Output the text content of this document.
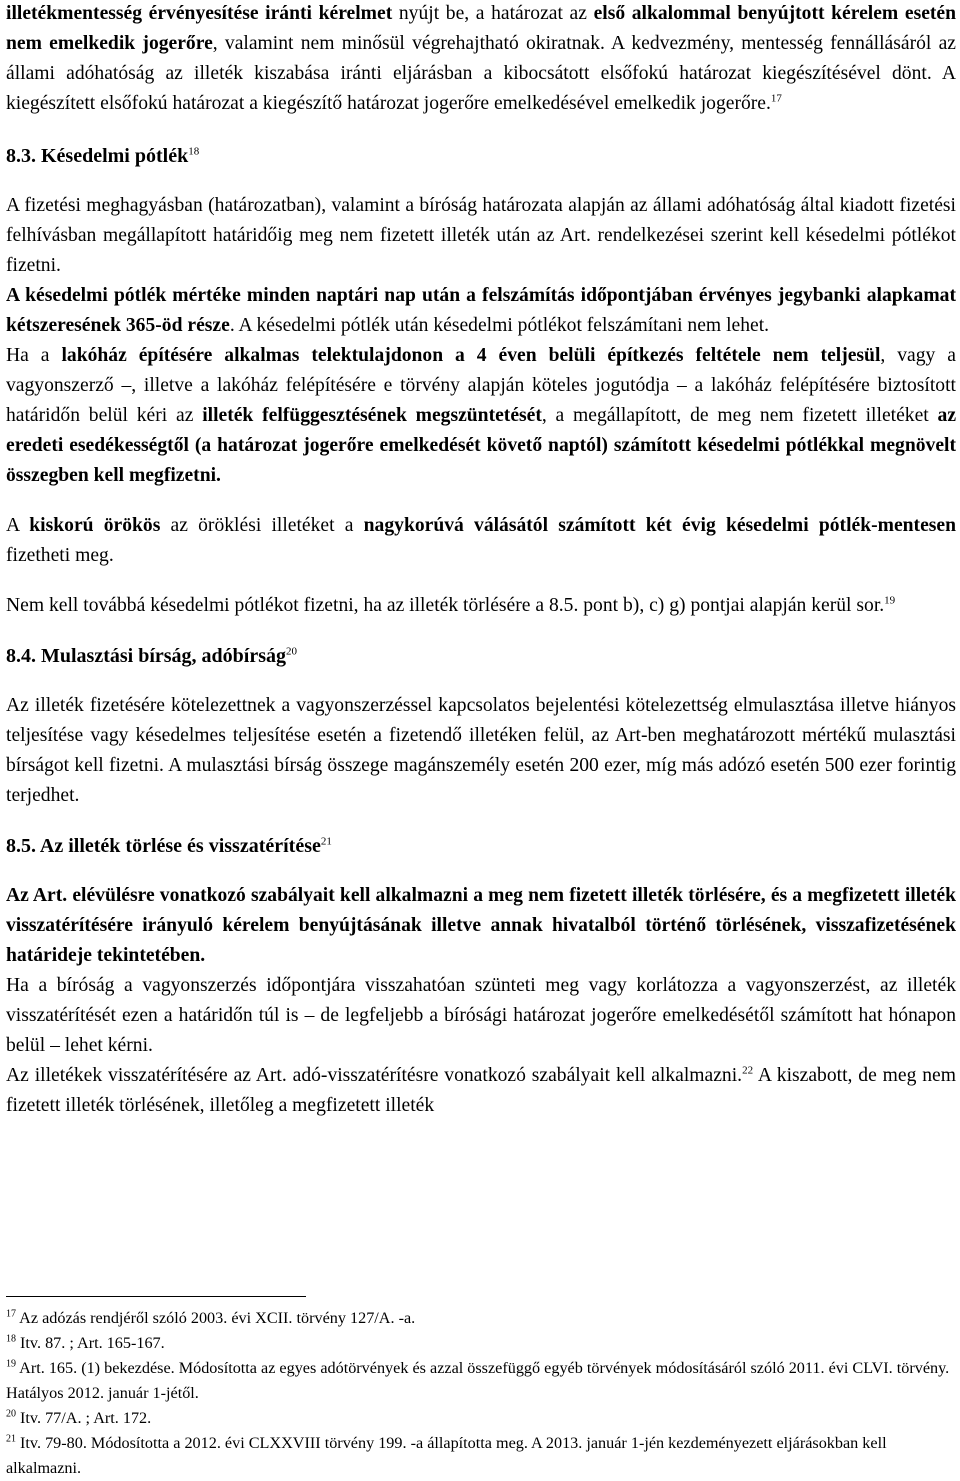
illetékmentesség érvényesítése iránti kérelmet nyújt be, a határozat az első alkalommal benyújtott kérelem esetén nem emelkedik jogerőre, valamint nem minősül végrehajtható okiratnak. A kedvezmény, mentesség fennállásáról az állami adóhatóság az illeték kiszabása iránti eljárásban a kibocsátott elsőfokú határozat kiegészítésével dönt. A kiegészített elsőfokú határozat a kiegészítő határozat jogerőre emelkedésével emelkedik jogerőre.$^{17}$

8.3. Késedelmi pótlék$^{18}$

A fizetési meghagyásban (határozatban), valamint a bíróság határozata alapján az állami adóhatóság által kiadott fizetési felhívásban megállapított határidőig meg nem fizetett illeték után az Art. rendelkezései szerint kell késedelmi pótlékot fizetni.

A késedelmi pótlék mértéke minden naptári nap után a felszámítás időpontjában érvényes jegybanki alapkamat kétszeresének 365-öd része. A késedelmi pótlék után késedelmi pótlékot felszámítani nem lehet.

Ha a lakóház építésére alkalmas telektulajdonon a 4 éven belüli építkezés feltétele nem teljesül, vagy a vagyonszerző –, illetve a lakóház felépítésére e törvény alapján köteles jogutódja – a lakóház felépítésére biztosított határidőn belül kéri az illeték felfüggesztésének megszüntetését, a megállapított, de meg nem fizetett illetéket az eredeti esedékességtől (a határozat jogerőre emelkedését követő naptól) számított késedelmi pótlékkal megnövelt összegben kell megfizetni.

A kiskorú örökös az öröklési illetéket a nagykorúvá válásától számított két évig késedelmi pótlék-mentesen fizetheti meg.

Nem kell továbbá késedelmi pótlékot fizetni, ha az illeték törlésére a 8.5. pont b), c) g) pontjai alapján kerül sor.$^{19}$

8.4. Mulasztási bírság, adóbírság$^{20}$

Az illeték fizetésére kötelezettnek a vagyonszerzéssel kapcsolatos bejelentési kötelezettség elmulasztása illetve hiányos teljesítése vagy késedelmes teljesítése esetén a fizetendő illetéken felül, az Art-ben meghatározott mértékű mulasztási bírságot kell fizetni. A mulasztási bírság összege magánszemély esetén 200 ezer, míg más adózó esetén 500 ezer forintig terjedhet.

8.5. Az illeték törlése és visszatérítése$^{21}$

Az Art. elévülésre vonatkozó szabályait kell alkalmazni a meg nem fizetett illeték törlésére, és a megfizetett illeték visszatérítésére irányuló kérelem benyújtásának illetve annak hivatalból történő törlésének, visszafizetésének határideje tekintetében.

Ha a bíróság a vagyonszerzés időpontjára visszahatóan szünteti meg vagy korlátozza a vagyonszerzést, az illeték visszatérítését ezen a határidőn túl is – de legfeljebb a bírósági határozat jogerőre emelkedésétől számított hat hónapon belül – lehet kérni.

Az illetékek visszatérítésére az Art. adó-visszatérítésre vonatkozó szabályait kell alkalmazni.$^{22}$ A kiszabott, de meg nem fizetett illeték törlésének, illetőleg a megfizetett illeték

$^{17}$ Az adózás rendjéről szóló 2003. évi XCII. törvény 127/A. -a.

$^{18}$ Itv. 87. ; Art. 165-167.

$^{19}$ Art. 165. (1) bekezdése. Módosította az egyes adótörvények és azzal összefüggő egyéb törvények módosításáról szóló 2011. évi CLVI. törvény. Hatályos 2012. január 1-jétől.

$^{20}$ Itv. 77/A. ; Art. 172.

$^{21}$ Itv. 79-80. Módosította a 2012. évi CLXXVIII törvény 199. -a állapította meg. A 2013. január 1-jén kezdeményezett eljárásokban kell alkalmazni.
